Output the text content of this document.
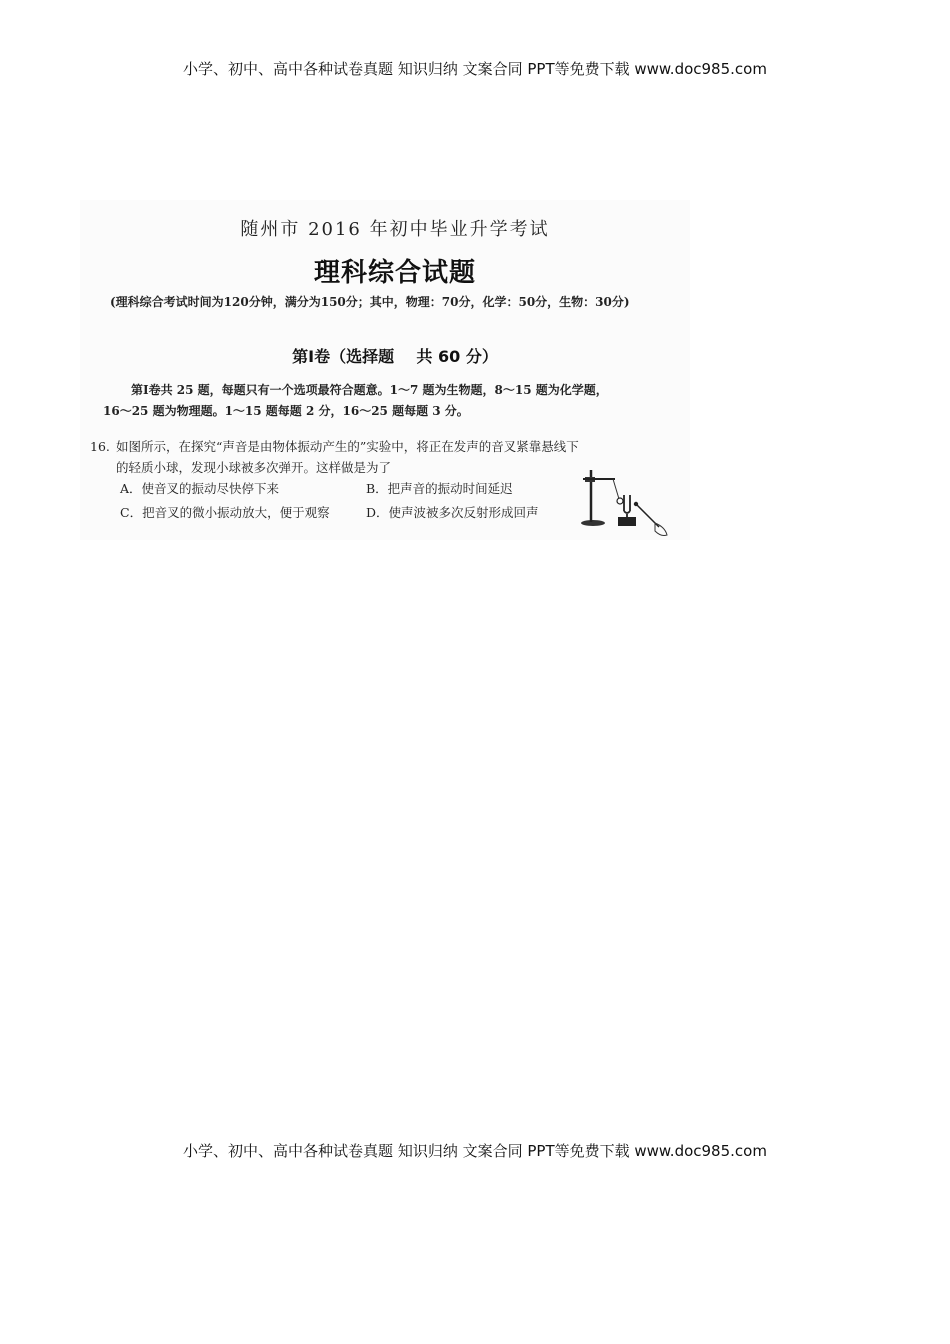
小学、初中、高中各种试卷真题 知识归纳 文案合同 PPT等免费下载 www.doc985.com
随州市 2016 年初中毕业升学考试
理科综合试题
(理科综合考试时间为120分钟，满分为150分；其中，物理：70分，化学：50分，生物：30分)
第Ⅰ卷（选择题    共 60 分）

第Ⅰ卷共 25 题，每题只有一个选项最符合题意。1～7 题为生物题，8～15 题为化学题，

16～25 题为物理题。1～15 题每题 2 分，16～25 题每题 3 分。

16. 如图所示，在探究“声音是由物体振动产生的”实验中，将正在发声的音叉紧靠悬线下

的轻质小球，发现小球被多次弹开。这样做是为了

A．使音叉的振动尽快停下来	B．把声音的振动时间延迟
C．把音叉的微小振动放大，便于观察	D．使声波被多次反射形成回声
小学、初中、高中各种试卷真题 知识归纳 文案合同 PPT等免费下载 www.doc985.com
